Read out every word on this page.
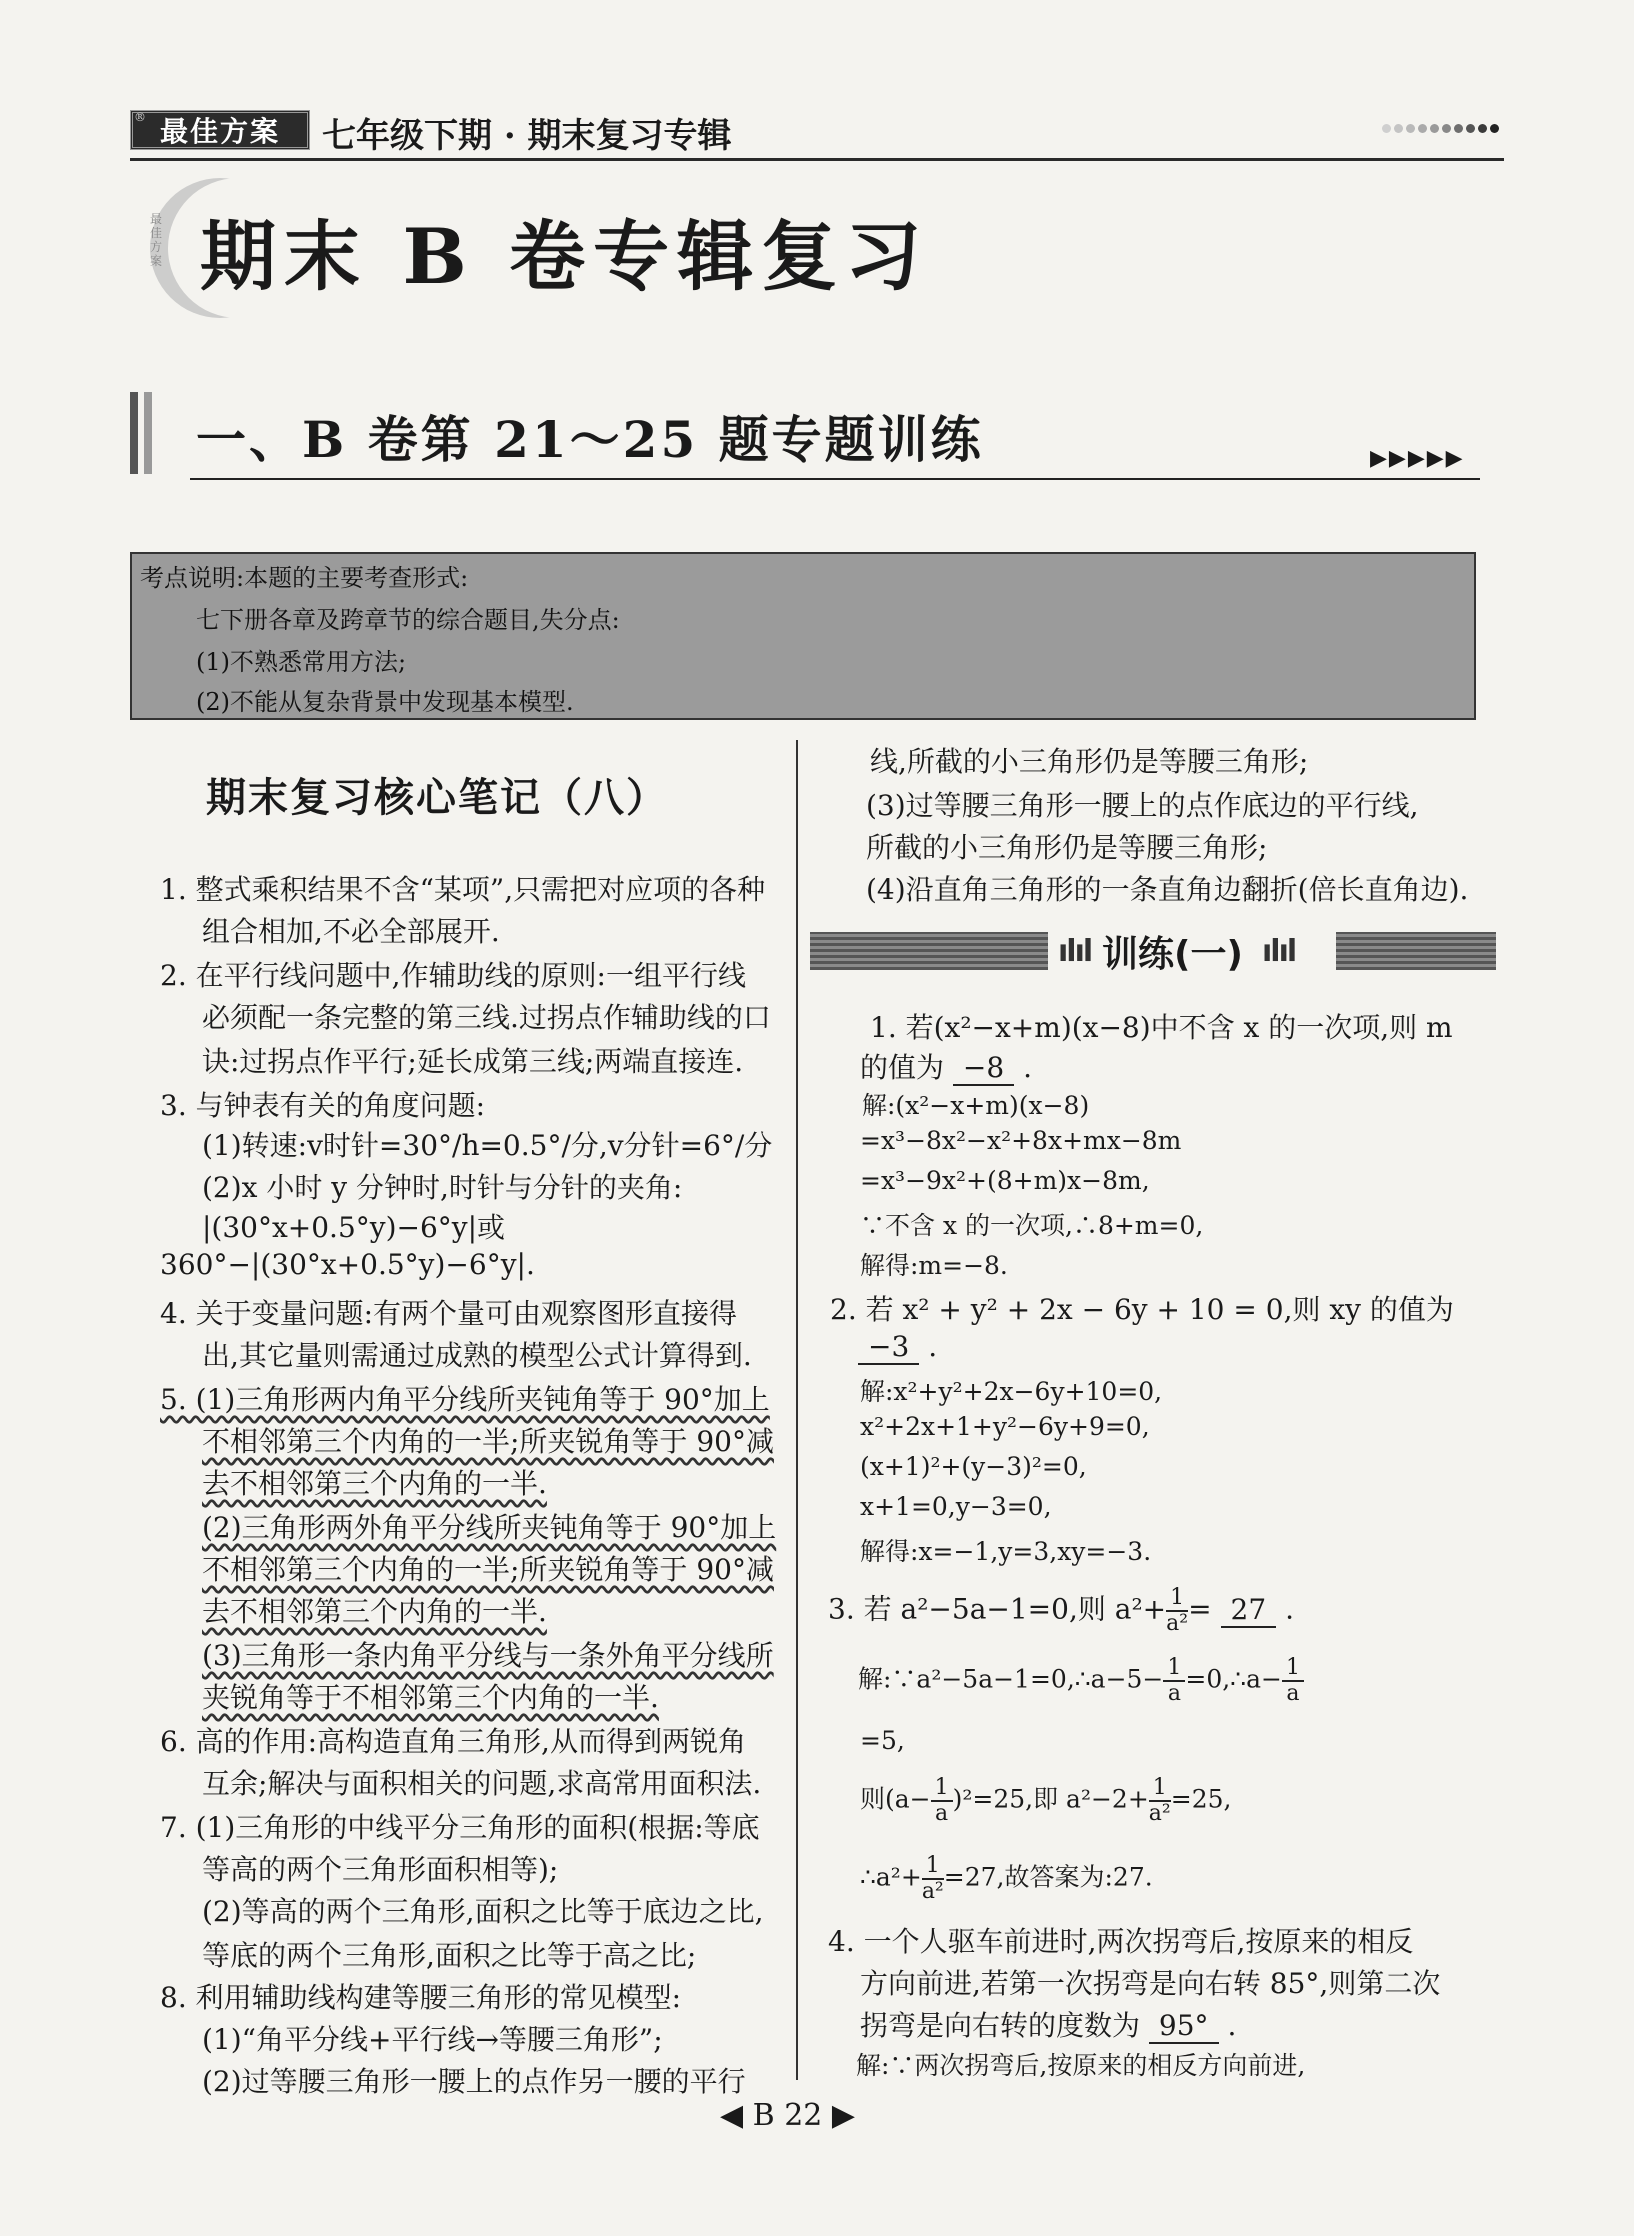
最佳方案
®	七年级下期 · 期末复习专辑
最佳方案 期末 B 卷专辑复习
一、B 卷第 21～25 题专题训练	▶▶▶▶▶
考点说明:本题的主要考查形式:
七下册各章及跨章节的综合题目,失分点:
(1)不熟悉常用方法;
(2)不能从复杂背景中发现基本模型.
期末复习核心笔记（八）
1. 整式乘积结果不含“某项”,只需把对应项的各种
组合相加,不必全部展开.
2. 在平行线问题中,作辅助线的原则:一组平行线
必须配一条完整的第三线.过拐点作辅助线的口
诀:过拐点作平行;延长成第三线;两端直接连.
3. 与钟表有关的角度问题:
(1)转速:v时针=30°/h=0.5°/分,v分针=6°/分
(2)x 小时 y 分钟时,时针与分针的夹角:
|(30°x+0.5°y)−6°y|或
360°−|(30°x+0.5°y)−6°y|.
4. 关于变量问题:有两个量可由观察图形直接得
出,其它量则需通过成熟的模型公式计算得到.
5. (1)三角形两内角平分线所夹钝角等于 90°加上
不相邻第三个内角的一半;所夹锐角等于 90°减
去不相邻第三个内角的一半.
(2)三角形两外角平分线所夹钝角等于 90°加上
不相邻第三个内角的一半;所夹锐角等于 90°减
去不相邻第三个内角的一半.
(3)三角形一条内角平分线与一条外角平分线所
夹锐角等于不相邻第三个内角的一半.
6. 高的作用:高构造直角三角形,从而得到两锐角
互余;解决与面积相关的问题,求高常用面积法.
7. (1)三角形的中线平分三角形的面积(根据:等底
等高的两个三角形面积相等);
(2)等高的两个三角形,面积之比等于底边之比,
等底的两个三角形,面积之比等于高之比;
8. 利用辅助线构建等腰三角形的常见模型:
(1)“角平分线+平行线→等腰三角形”;
(2)过等腰三角形一腰上的点作另一腰的平行
线,所截的小三角形仍是等腰三角形;
(3)过等腰三角形一腰上的点作底边的平行线,
所截的小三角形仍是等腰三角形;
(4)沿直角三角形的一条直角边翻折(倍长直角边).
ılıl 训练(一) ılıl
1. 若(x²−x+m)(x−8)中不含 x 的一次项,则 m
的值为 −8 .
解:(x²−x+m)(x−8)
=x³−8x²−x²+8x+mx−8m
=x³−9x²+(8+m)x−8m,
∵不含 x 的一次项,∴8+m=0,
解得:m=−8.
2. 若 x² + y² + 2x − 6y + 10 = 0,则 xy 的值为
−3 .
解:x²+y²+2x−6y+10=0,
x²+2x+1+y²−6y+9=0,
(x+1)²+(y−3)²=0,
x+1=0,y−3=0,
解得:x=−1,y=3,xy=−3.
3. 若 a²−5a−1=0,则 $a^2+ \frac{1}{\text{a²}} = 27$ .
解:∵a²−5a−1=0,∴a−5− $\frac{1}{a}$ =0,∴a− $\frac{1}{a}$
=5,
则$(a- \frac{1}{a} )^2=25$,即 $a^2-2+ \frac{1}{\text{a²}} =25$,
∴a²+ $\frac{1}{\text{a²}} =27$,故答案为:27.
4. 一个人驱车前进时,两次拐弯后,按原来的相反
方向前进,若第一次拐弯是向右转 85°,则第二次
拐弯是向右转的度数为 95° .
解:∵两次拐弯后,按原来的相反方向前进,
◀ B 22 ▶
